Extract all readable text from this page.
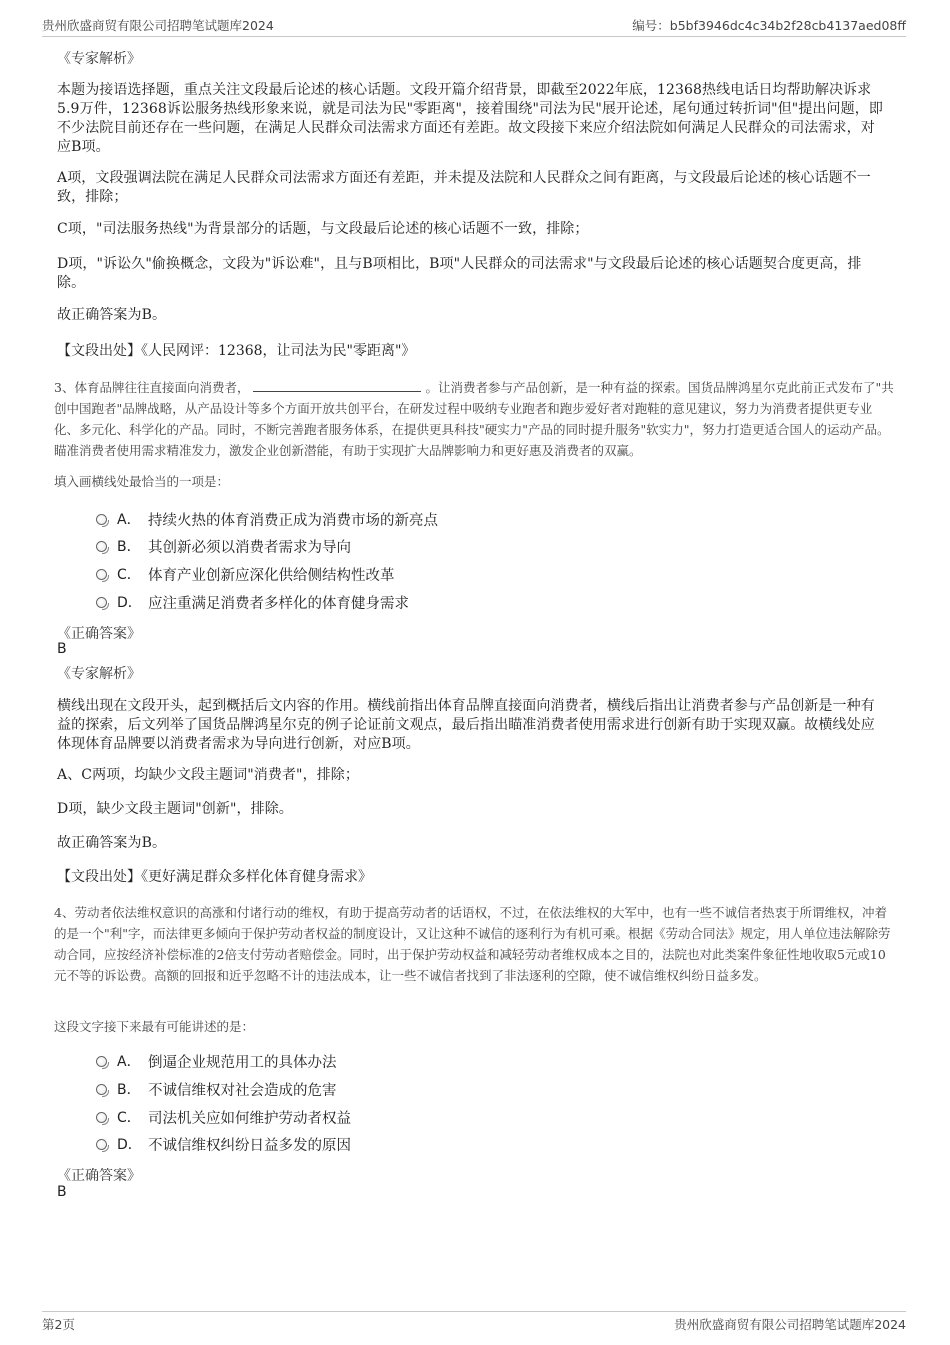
贵州欣盛商贸有限公司招聘笔试题库2024	编号：b5bf3946dc4c34b2f28cb4137aed08ff
《专家解析》
本题为接语选择题，重点关注文段最后论述的核心话题。文段开篇介绍背景，即截至2022年底，12368热线电话日均帮助解决诉求5.9万件，12368诉讼服务热线形象来说，就是司法为民"零距离"，接着围绕"司法为民"展开论述，尾句通过转折词"但"提出问题，即不少法院目前还存在一些问题，在满足人民群众司法需求方面还有差距。故文段接下来应介绍法院如何满足人民群众的司法需求，对应B项。
A项，文段强调法院在满足人民群众司法需求方面还有差距，并未提及法院和人民群众之间有距离，与文段最后论述的核心话题不一致，排除；
C项，"司法服务热线"为背景部分的话题，与文段最后论述的核心话题不一致，排除；
D项，"诉讼久"偷换概念，文段为"诉讼难"，且与B项相比，B项"人民群众的司法需求"与文段最后论述的核心话题契合度更高，排除。
故正确答案为B。
【文段出处】《人民网评：12368，让司法为民"零距离"》
3、体育品牌往往直接面向消费者，	。让消费者参与产品创新，是一种有益的探索。国货品牌鸿星尔克此前正式发布了"共创中国跑者"品牌战略，从产品设计等多个方面开放共创平台，在研发过程中吸纳专业跑者和跑步爱好者对跑鞋的意见建议，努力为消费者提供更专业化、多元化、科学化的产品。同时，不断完善跑者服务体系，在提供更具科技"硬实力"产品的同时提升服务"软实力"，努力打造更适合国人的运动产品。瞄准消费者使用需求精准发力，激发企业创新潜能，有助于实现扩大品牌影响力和更好惠及消费者的双赢。
填入画横线处最恰当的一项是：
A． 持续火热的体育消费正成为消费市场的新亮点
B． 其创新必须以消费者需求为导向
C． 体育产业创新应深化供给侧结构性改革
D． 应注重满足消费者多样化的体育健身需求
《正确答案》
B
《专家解析》
横线出现在文段开头，起到概括后文内容的作用。横线前指出体育品牌直接面向消费者，横线后指出让消费者参与产品创新是一种有益的探索，后文列举了国货品牌鸿星尔克的例子论证前文观点，最后指出瞄准消费者使用需求进行创新有助于实现双赢。故横线处应体现体育品牌要以消费者需求为导向进行创新，对应B项。
A、C两项，均缺少文段主题词"消费者"，排除；
D项，缺少文段主题词"创新"，排除。
故正确答案为B。
【文段出处】《更好满足群众多样化体育健身需求》
4、劳动者依法维权意识的高涨和付诸行动的维权，有助于提高劳动者的话语权，不过，在依法维权的大军中，也有一些不诚信者热衷于所谓维权，冲着的是一个"利"字，而法律更多倾向于保护劳动者权益的制度设计，又让这种不诚信的逐利行为有机可乘。根据《劳动合同法》规定，用人单位违法解除劳动合同，应按经济补偿标准的2倍支付劳动者赔偿金。同时，出于保护劳动权益和减轻劳动者维权成本之目的，法院也对此类案件象征性地收取5元或10元不等的诉讼费。高额的回报和近乎忽略不计的违法成本，让一些不诚信者找到了非法逐利的空隙，使不诚信维权纠纷日益多发。
这段文字接下来最有可能讲述的是：
A． 倒逼企业规范用工的具体办法
B． 不诚信维权对社会造成的危害
C． 司法机关应如何维护劳动者权益
D． 不诚信维权纠纷日益多发的原因
《正确答案》
B
第2页	贵州欣盛商贸有限公司招聘笔试题库2024
